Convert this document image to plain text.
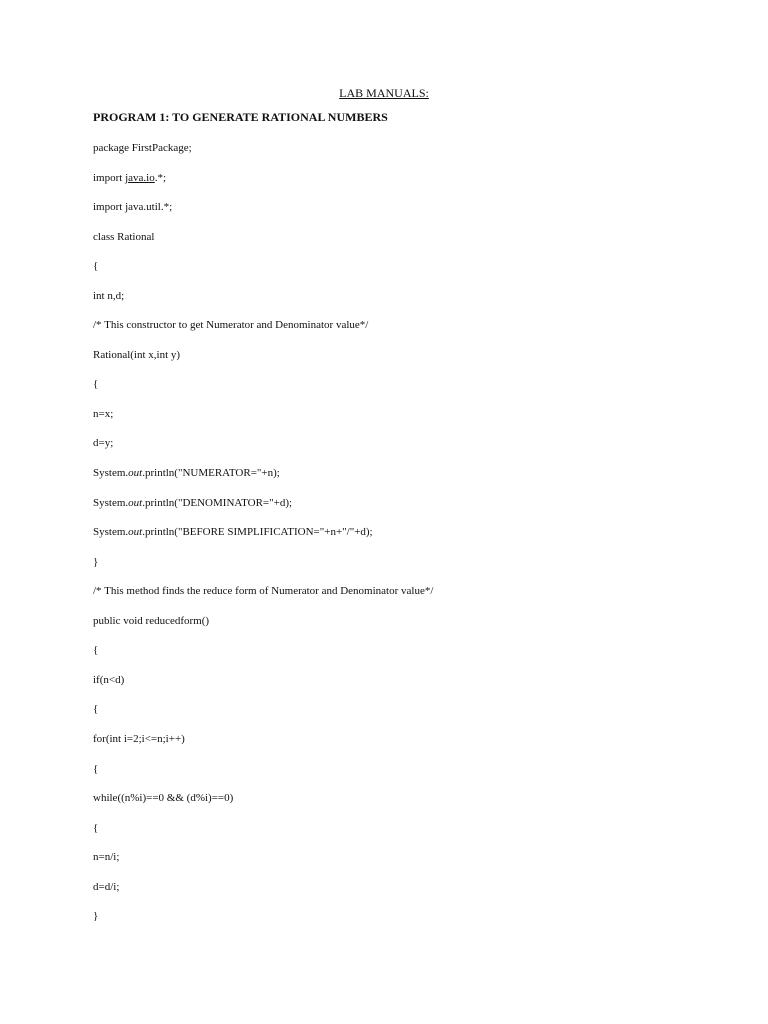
LAB MANUALS:
PROGRAM 1: TO GENERATE RATIONAL NUMBERS
package FirstPackage;
import java.io.*;
import java.util.*;
class Rational
{
int n,d;
/* This constructor to get Numerator and Denominator value*/
Rational(int x,int y)
{
n=x;
d=y;
System.out.println("NUMERATOR="+n);
System.out.println("DENOMINATOR="+d);
System.out.println("BEFORE SIMPLIFICATION="+n+"/"+d);
}
/* This method finds the reduce form of Numerator and Denominator value*/
public void reducedform()
{
if(n<d)
{
for(int i=2;i<=n;i++)
{
while((n%i)==0 && (d%i)==0)
{
n=n/i;
d=d/i;
}
